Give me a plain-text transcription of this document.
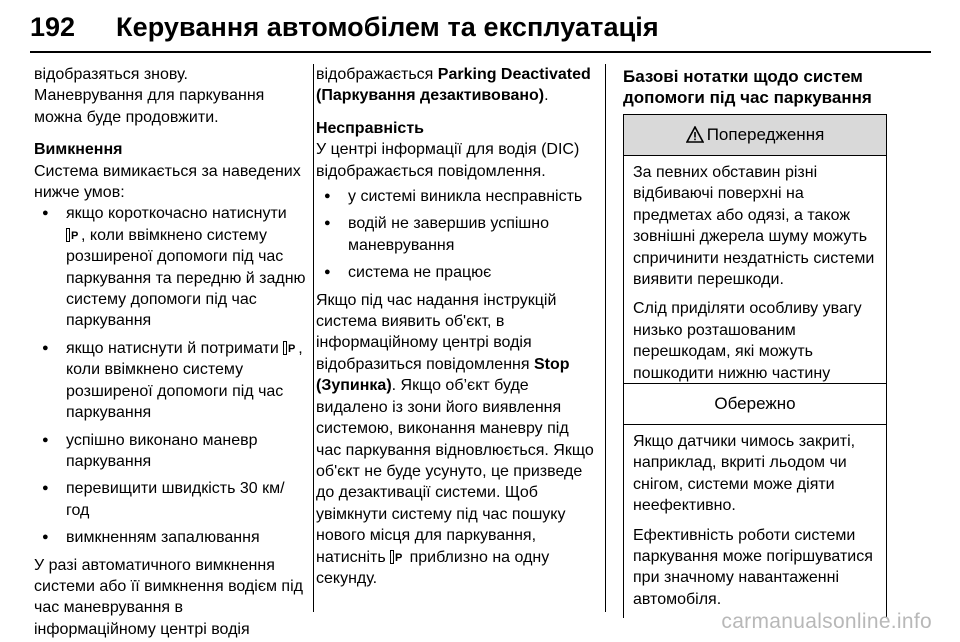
192 Керування автомобілем та експлуатація

відобразяться знову.

Маневрування для паркування можна буде продовжити.

Вимкнення

Система вимикається за наведених нижче умов:

● якщо короткочасно натиснути
P , коли ввімкнено систему розширеної допомоги під час паркування та передню й задню систему допомоги під час паркування
● якщо натиснути й потримати P , коли ввімкнено систему розширеної допомоги під час паркування
● успішно виконано маневр паркування
● перевищити швидкість 30 км/год
● вимкненням запалювання

У разі автоматичного вимкнення системи або її вимкнення водієм під час маневрування в інформаційному центрі водія

відображається Parking Deactivated (Паркування дезактивовано).

Несправність

У центрі інформації для водія (DIC) відображається повідомлення.

● у системі виникла несправність
● водій не завершив успішно маневрування
● система не працює

Якщо під час надання інструкцій система виявить об'єкт, в інформаційному центрі водія відобразиться повідомлення Stop (Зупинка). Якщо об’єкт буде видалено із зони його виявлення системою, виконання маневру під час паркування відновлюється. Якщо об'єкт не буде усунуто, це призведе до дезактивації системи. Щоб увімкнути систему під час пошуку нового місця для паркування, натисніть P приблизно на одну секунду.

Базові нотатки щодо систем допомоги під час паркування

Попередження

За певних обставин різні відбиваючі поверхні на предметах або одязі, а також зовнішні джерела шуму можуть спричинити нездатність системи виявити перешкоди.

Слід приділяти особливу увагу низько розташованим перешкодам, які можуть пошкодити нижню частину

Обережно

Якщо датчики чимось закриті, наприклад, вкриті льодом чи снігом, системи може діяти неефективно.

Ефективність роботи системи паркування може погіршуватися при значному навантаженні автомобіля.

carmanualsonline.info
